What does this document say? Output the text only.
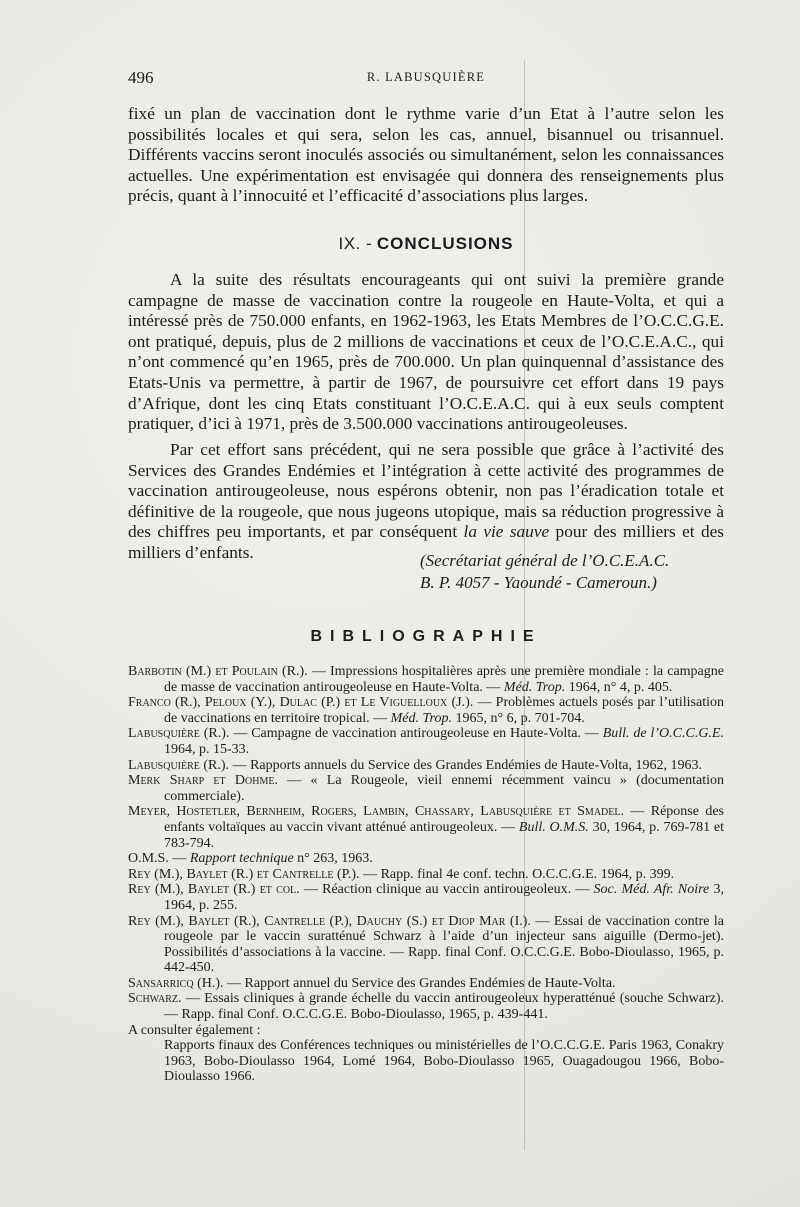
496	R. LABUSQUIÈRE

fixé un plan de vaccination dont le rythme varie d’un Etat à l’autre selon les possibilités locales et qui sera, selon les cas, annuel, bisannuel ou trisannuel. Différents vaccins seront inoculés associés ou simultanément, selon les connaissances actuelles. Une expérimentation est envisagée qui donnera des renseignements plus précis, quant à l’innocuité et l’efficacité d’associations plus larges.

IX. - CONCLUSIONS

A la suite des résultats encourageants qui ont suivi la première grande campagne de masse de vaccination contre la rougeole en Haute-Volta, et qui a intéressé près de 750.000 enfants, en 1962-1963, les Etats Membres de l’O.C.C.G.E. ont pratiqué, depuis, plus de 2 millions de vaccinations et ceux de l’O.C.E.A.C., qui n’ont commencé qu’en 1965, près de 700.000. Un plan quinquennal d’assistance des Etats-Unis va permettre, à partir de 1967, de poursuivre cet effort dans 19 pays d’Afrique, dont les cinq Etats constituant l’O.C.E.A.C. qui à eux seuls comptent pratiquer, d’ici à 1971, près de 3.500.000 vaccinations antirougeoleuses.

Par cet effort sans précédent, qui ne sera possible que grâce à l’activité des Services des Grandes Endémies et l’intégration à cette activité des programmes de vaccination antirougeoleuse, nous espérons obtenir, non pas l’éradication totale et définitive de la rougeole, que nous jugeons utopique, mais sa réduction progressive à des chiffres peu importants, et par conséquent la vie sauve pour des milliers et des milliers d’enfants.	(Secrétariat général de l’O.C.E.A.C.
B. P. 4057 - Yaoundé - Cameroun.)
BIBLIOGRAPHIE

Barbotin (M.) et Poulain (R.). — Impressions hospitalières après une première mondiale : la campagne de masse de vaccination antirougeoleuse en Haute-Volta. — Méd. Trop. 1964, n° 4, p. 405.

Franco (R.), Peloux (Y.), Dulac (P.) et Le Viguelloux (J.). — Problèmes actuels posés par l’utilisation de vaccinations en territoire tropical. — Méd. Trop. 1965, n° 6, p. 701-704.

Labusquière (R.). — Campagne de vaccination antirougeoleuse en Haute-Volta. — Bull. de l’O.C.C.G.E. 1964, p. 15-33.

Labusquière (R.). — Rapports annuels du Service des Grandes Endémies de Haute-Volta, 1962, 1963.

Merk Sharp et Dohme. — « La Rougeole, vieil ennemi récemment vaincu » (documentation commerciale).

Meyer, Hostetler, Bernheim, Rogers, Lambin, Chassary, Labusquière et Smadel. — Réponse des enfants voltaïques au vaccin vivant atténué antirougeoleux. — Bull. O.M.S. 30, 1964, p. 769-781 et 783-794.

O.M.S. — Rapport technique n° 263, 1963.

Rey (M.), Baylet (R.) et Cantrelle (P.). — Rapp. final 4e conf. techn. O.C.C.G.E. 1964, p. 399.

Rey (M.), Baylet (R.) et col. — Réaction clinique au vaccin antirougeoleux. — Soc. Méd. Afr. Noire 3, 1964, p. 255.

Rey (M.), Baylet (R.), Cantrelle (P.), Dauchy (S.) et Diop Mar (I.). — Essai de vaccination contre la rougeole par le vaccin suratténué Schwarz à l’aide d’un injecteur sans aiguille (Dermo-jet). Possibilités d’associations à la vaccine. — Rapp. final Conf. O.C.C.G.E. Bobo-Dioulasso, 1965, p. 442-450.

Sansarricq (H.). — Rapport annuel du Service des Grandes Endémies de Haute-Volta.

Schwarz. — Essais cliniques à grande échelle du vaccin antirougeoleux hyperatténué (souche Schwarz). — Rapp. final Conf. O.C.C.G.E. Bobo-Dioulasso, 1965, p. 439-441.

A consulter également :

Rapports finaux des Conférences techniques ou ministérielles de l’O.C.C.G.E. Paris 1963, Conakry 1963, Bobo-Dioulasso 1964, Lomé 1964, Bobo-Dioulasso 1965, Ouagadougou 1966, Bobo-Dioulasso 1966.
